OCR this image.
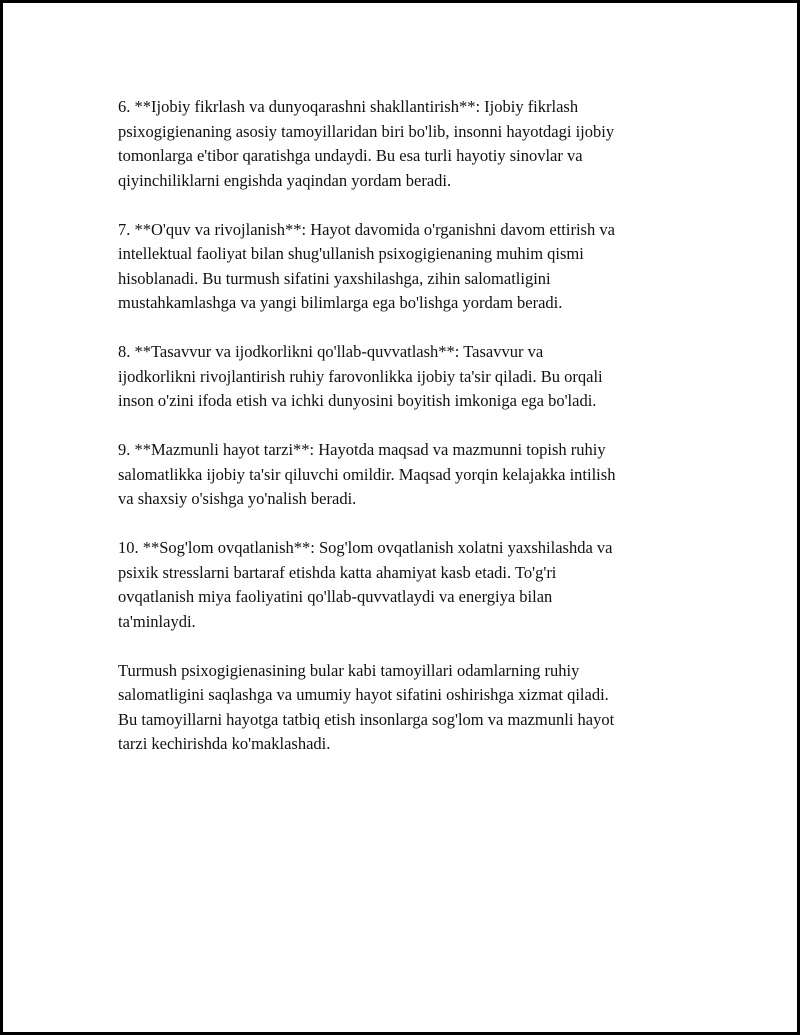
6. **Ijobiy fikrlash va dunyoqarashni shakllantirish**: Ijobiy fikrlash
psixogigienaning asosiy tamoyillaridan biri bo'lib, insonni hayotdagi ijobiy
tomonlarga e'tibor qaratishga undaydi. Bu esa turli hayotiy sinovlar va
qiyinchiliklarni engishda yaqindan yordam beradi.

7. **O'quv va rivojlanish**: Hayot davomida o'rganishni davom ettirish va
intellektual faoliyat bilan shug'ullanish psixogigienaning muhim qismi
hisoblanadi. Bu turmush sifatini yaxshilashga, zihin salomatligini
mustahkamlashga va yangi bilimlarga ega bo'lishga yordam beradi.

8. **Tasavvur va ijodkorlikni qo'llab-quvvatlash**: Tasavvur va
ijodkorlikni rivojlantirish ruhiy farovonlikka ijobiy ta'sir qiladi. Bu orqali
inson o'zini ifoda etish va ichki dunyosini boyitish imkoniga ega bo'ladi.

9. **Mazmunli hayot tarzi**: Hayotda maqsad va mazmunni topish ruhiy
salomatlikka ijobiy ta'sir qiluvchi omildir. Maqsad yorqin kelajakka intilish
va shaxsiy o'sishga yo'nalish beradi.

10. **Sog'lom ovqatlanish**: Sog'lom ovqatlanish xolatni yaxshilashda va
psixik stresslarni bartaraf etishda katta ahamiyat kasb etadi. To'g'ri
ovqatlanish miya faoliyatini qo'llab-quvvatlaydi va energiya bilan
ta'minlaydi.

Turmush psixogigienasining bular kabi tamoyillari odamlarning ruhiy
salomatligini saqlashga va umumiy hayot sifatini oshirishga xizmat qiladi.
Bu tamoyillarni hayotga tatbiq etish insonlarga sog'lom va mazmunli hayot
tarzi kechirishda ko'maklashadi.
